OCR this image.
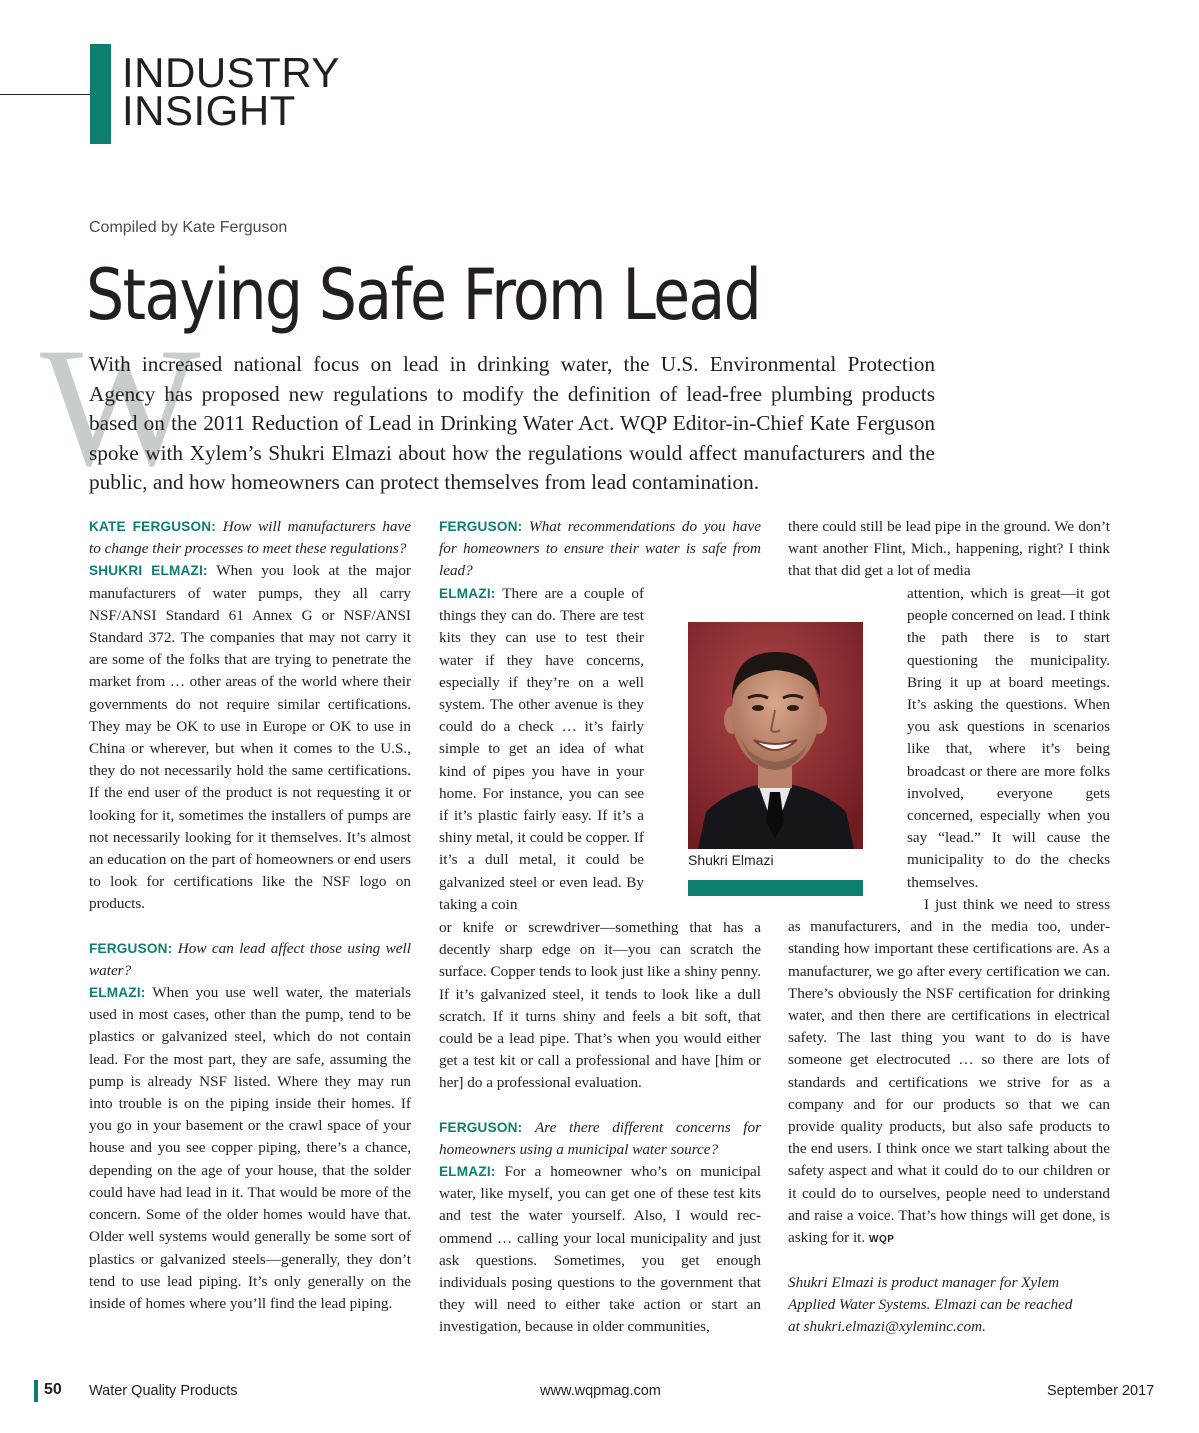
INDUSTRY
INSIGHT
Compiled by Kate Ferguson
Staying Safe From Lead
W
With increased national focus on lead in drinking water, the U.S. Environmental Protection Agency has proposed new regulations to modify the definition of lead-free plumbing products based on the 2011 Reduction of Lead in Drinking Water Act. WQP Editor-in-Chief Kate Ferguson spoke with Xylem’s Shukri Elmazi about how the regulations would affect manufacturers and the public, and how homeowners can protect themselves from lead contamination.

KATE FERGUSON: How will manufacturers have to change their processes to meet these regulations?

SHUKRI ELMAZI: When you look at the major manufacturers of water pumps, they all carry NSF/ANSI Standard 61 Annex G or NSF/ANSI Standard 372. The companies that may not carry it are some of the folks that are trying to penetrate the market from … other areas of the world where their governments do not require similar certifications. They may be OK to use in Europe or OK to use in China or wherever, but when it comes to the U.S., they do not necessarily hold the same certifications. If the end user of the product is not requesting it or looking for it, sometimes the installers of pumps are not necessarily looking for it themselves. It’s almost an education on the part of homeowners or end users to look for certifications like the NSF logo on products.

FERGUSON: How can lead affect those using well water?

ELMAZI: When you use well water, the materials used in most cases, other than the pump, tend to be plastics or galvanized steel, which do not contain lead. For the most part, they are safe, assuming the pump is already NSF listed. Where they may run into trouble is on the piping inside their homes. If you go in your basement or the crawl space of your house and you see copper piping, there’s a chance, depending on the age of your house, that the solder could have had lead in it. That would be more of the concern. Some of the older homes would have that. Older well systems would generally be some sort of plastics or galvanized steels—generally, they don’t tend to use lead piping. It’s only generally on the inside of homes where you’ll find the lead piping.

FERGUSON: What recommendations do you have for homeowners to ensure their water is safe from lead?

ELMAZI: There are a couple of things they can do. There are test kits they can use to test their water if they have concerns, especially if they’re on a well system. The other avenue is they could do a check … it’s fairly simple to get an idea of what kind of pipes you have in your home. For instance, you can see if it’s plastic fairly easy. If it’s a shiny metal, it could be copper. If it’s a dull metal, it could be galvanized steel or even lead. By taking a coin

or knife or screwdriver—something that has a decently sharp edge on it—you can scratch the surface. Copper tends to look just like a shiny penny. If it’s galvanized steel, it tends to look like a dull scratch. If it turns shiny and feels a bit soft, that could be a lead pipe. That’s when you would either get a test kit or call a professional and have [him or her] do a professional evaluation.

FERGUSON: Are there different concerns for homeowners using a municipal water source?

ELMAZI: For a homeowner who’s on municipal water, like myself, you can get one of these test kits and test the water yourself. Also, I would recommend … calling your local municipality and just ask questions. Sometimes, you get enough individuals posing questions to the government that they will need to either take action or start an investigation, because in older communities,

Shukri Elmazi

there could still be lead pipe in the ground. We don’t want another Flint, Mich., happening, right? I think that that did get a lot of media

attention, which is great—it got people concerned on lead. I think the path there is to start questioning the municipality. Bring it up at board meetings. It’s asking the questions. When you ask questions in scenarios like that, where it’s being broadcast or there are more folks involved, everyone gets concerned, especially when you say “lead.” It will cause the municipality to do the checks themselves.

I just think we need to stress as manufacturers, and in the media too, understanding how important these certifications are. As a manufacturer, we go after every certification we can. There’s obviously the NSF certification for drinking water, and then there are certifications in electrical safety. The last thing you want to do is have someone get electrocuted … so there are lots of standards and certifications we strive for as a company and for our products so that we can provide quality products, but also safe products to the end users. I think once we start talking about the safety aspect and what it could do to our children or it could do to ourselves, people need to understand and raise a voice. That’s how things will get done, is asking for it. WQP

Shukri Elmazi is product manager for Xylem
Applied Water Systems. Elmazi can be reached
at shukri.elmazi@xyleminc.com.
50 Water Quality Products	www.wqpmag.com	September 2017
